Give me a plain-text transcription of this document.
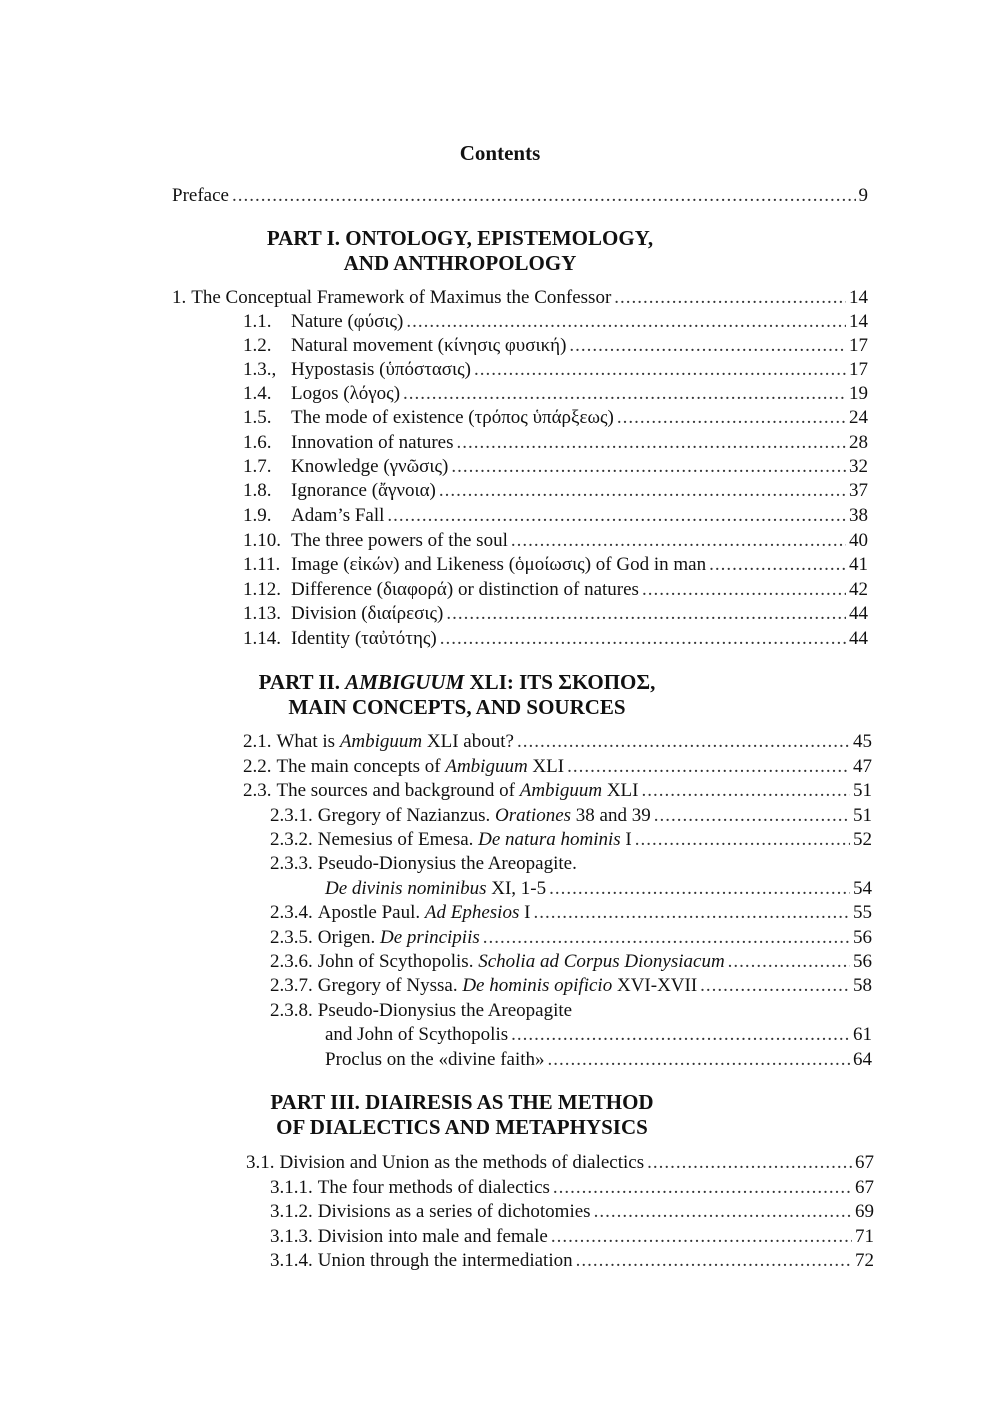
Contents
Preface .....	9
PART I. ONTOLOGY, EPISTEMOLOGY,
AND ANTHROPOLOGY
PART II. AMBIGUUM XLI: ITS ΣΚΟΠΟΣ,
MAIN CONCEPTS, AND SOURCES
PART III. DIAIRESIS AS THE METHOD
OF DIALECTICS AND METAPHYSICS
1. The Conceptual Framework of Maximus the Confessor .....	14
1.1. Nature (φύσις) .....	14
1.2. Natural movement (κίνησις φυσική) .....	17
1.3., Hypostasis (ὑπόστασις) .....	17
1.4. Logos (λόγος) .....	19
1.5. The mode of existence (τρόπος ὑπάρξεως) .....	24
1.6. Innovation of natures .....	28
1.7. Knowledge (γνῶσις) .....	32
1.8. Ignorance (ἄγνοια) .....	37
1.9. Adam’s Fall .....	38
1.10. The three powers of the soul .....	40
1.11. Image (εἰκών) and Likeness (ὁμοίωσις) of God in man .....	41
1.12. Difference (διαφορά) or distinction of natures .....	42
1.13. Division (διαίρεσις) .....	44
1.14. Identity (ταὐτότης) .....	44
2.1. What is Ambiguum XLI about? .....	45
2.2. The main concepts of Ambiguum XLI .....	47
2.3. The sources and background of Ambiguum XLI .....	51
2.3.1. Gregory of Nazianzus. Orationes 38 and 39 .....	51
2.3.2. Nemesius of Emesa. De natura hominis I .....	52
2.3.3. Pseudo-Dionysius the Areopagite.
De divinis nominibus XI, 1-5 .....	54
2.3.4. Apostle Paul. Ad Ephesios I .....	55
2.3.5. Origen. De principiis .....	56
2.3.6. John of Scythopolis. Scholia ad Corpus Dionysiacum .....	56
2.3.7. Gregory of Nyssa. De hominis opificio XVI-XVII .....	58
2.3.8. Pseudo-Dionysius the Areopagite
and John of Scythopolis .....	61
Proclus on the «divine faith» .....	64
3.1. Division and Union as the methods of dialectics .....	67
3.1.1. The four methods of dialectics .....	67
3.1.2. Divisions as a series of dichotomies .....	69
3.1.3. Division into male and female .....	71
3.1.4. Union through the intermediation .....	72
